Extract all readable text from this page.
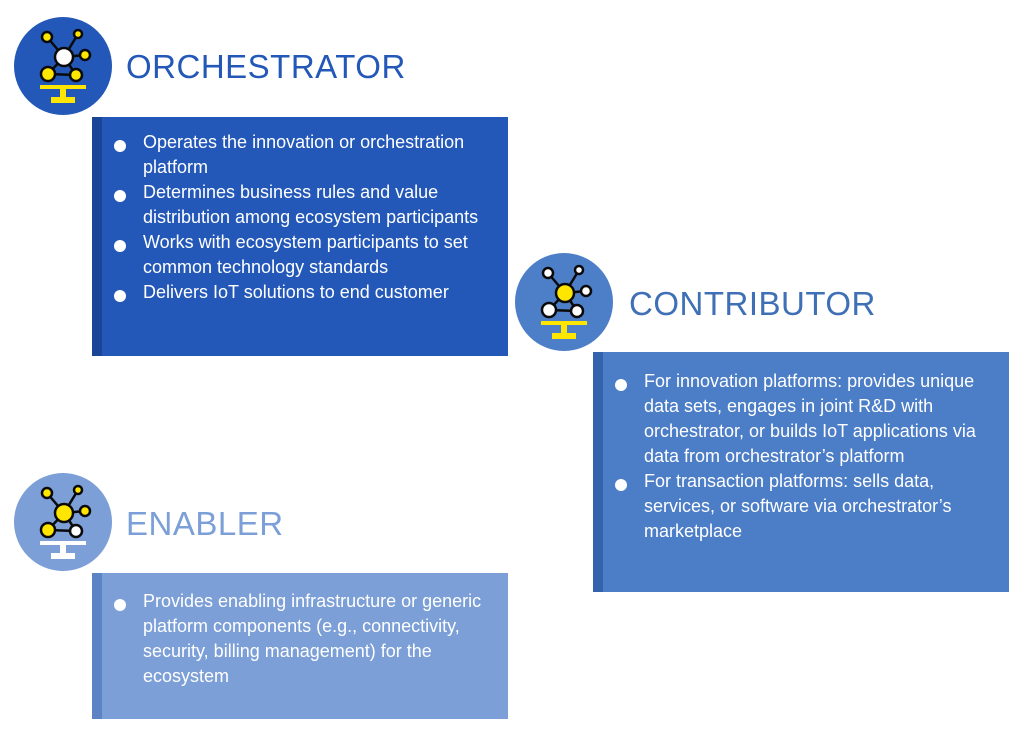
ORCHESTRATOR
Operates the innovation or orchestration platform
Determines business rules and value distribution among ecosystem participants
Works with ecosystem participants to set common technology standards
Delivers IoT solutions to end customer	CONTRIBUTOR
For innovation platforms: provides unique data sets, engages in joint R&D with orchestrator, or builds IoT applications via data from orchestrator’s platform
For transaction platforms: sells data, services, or software via orchestrator’s marketplace
ENABLER
Provides enabling infrastructure or generic platform components (e.g., connectivity, security, billing management) for the ecosystem
